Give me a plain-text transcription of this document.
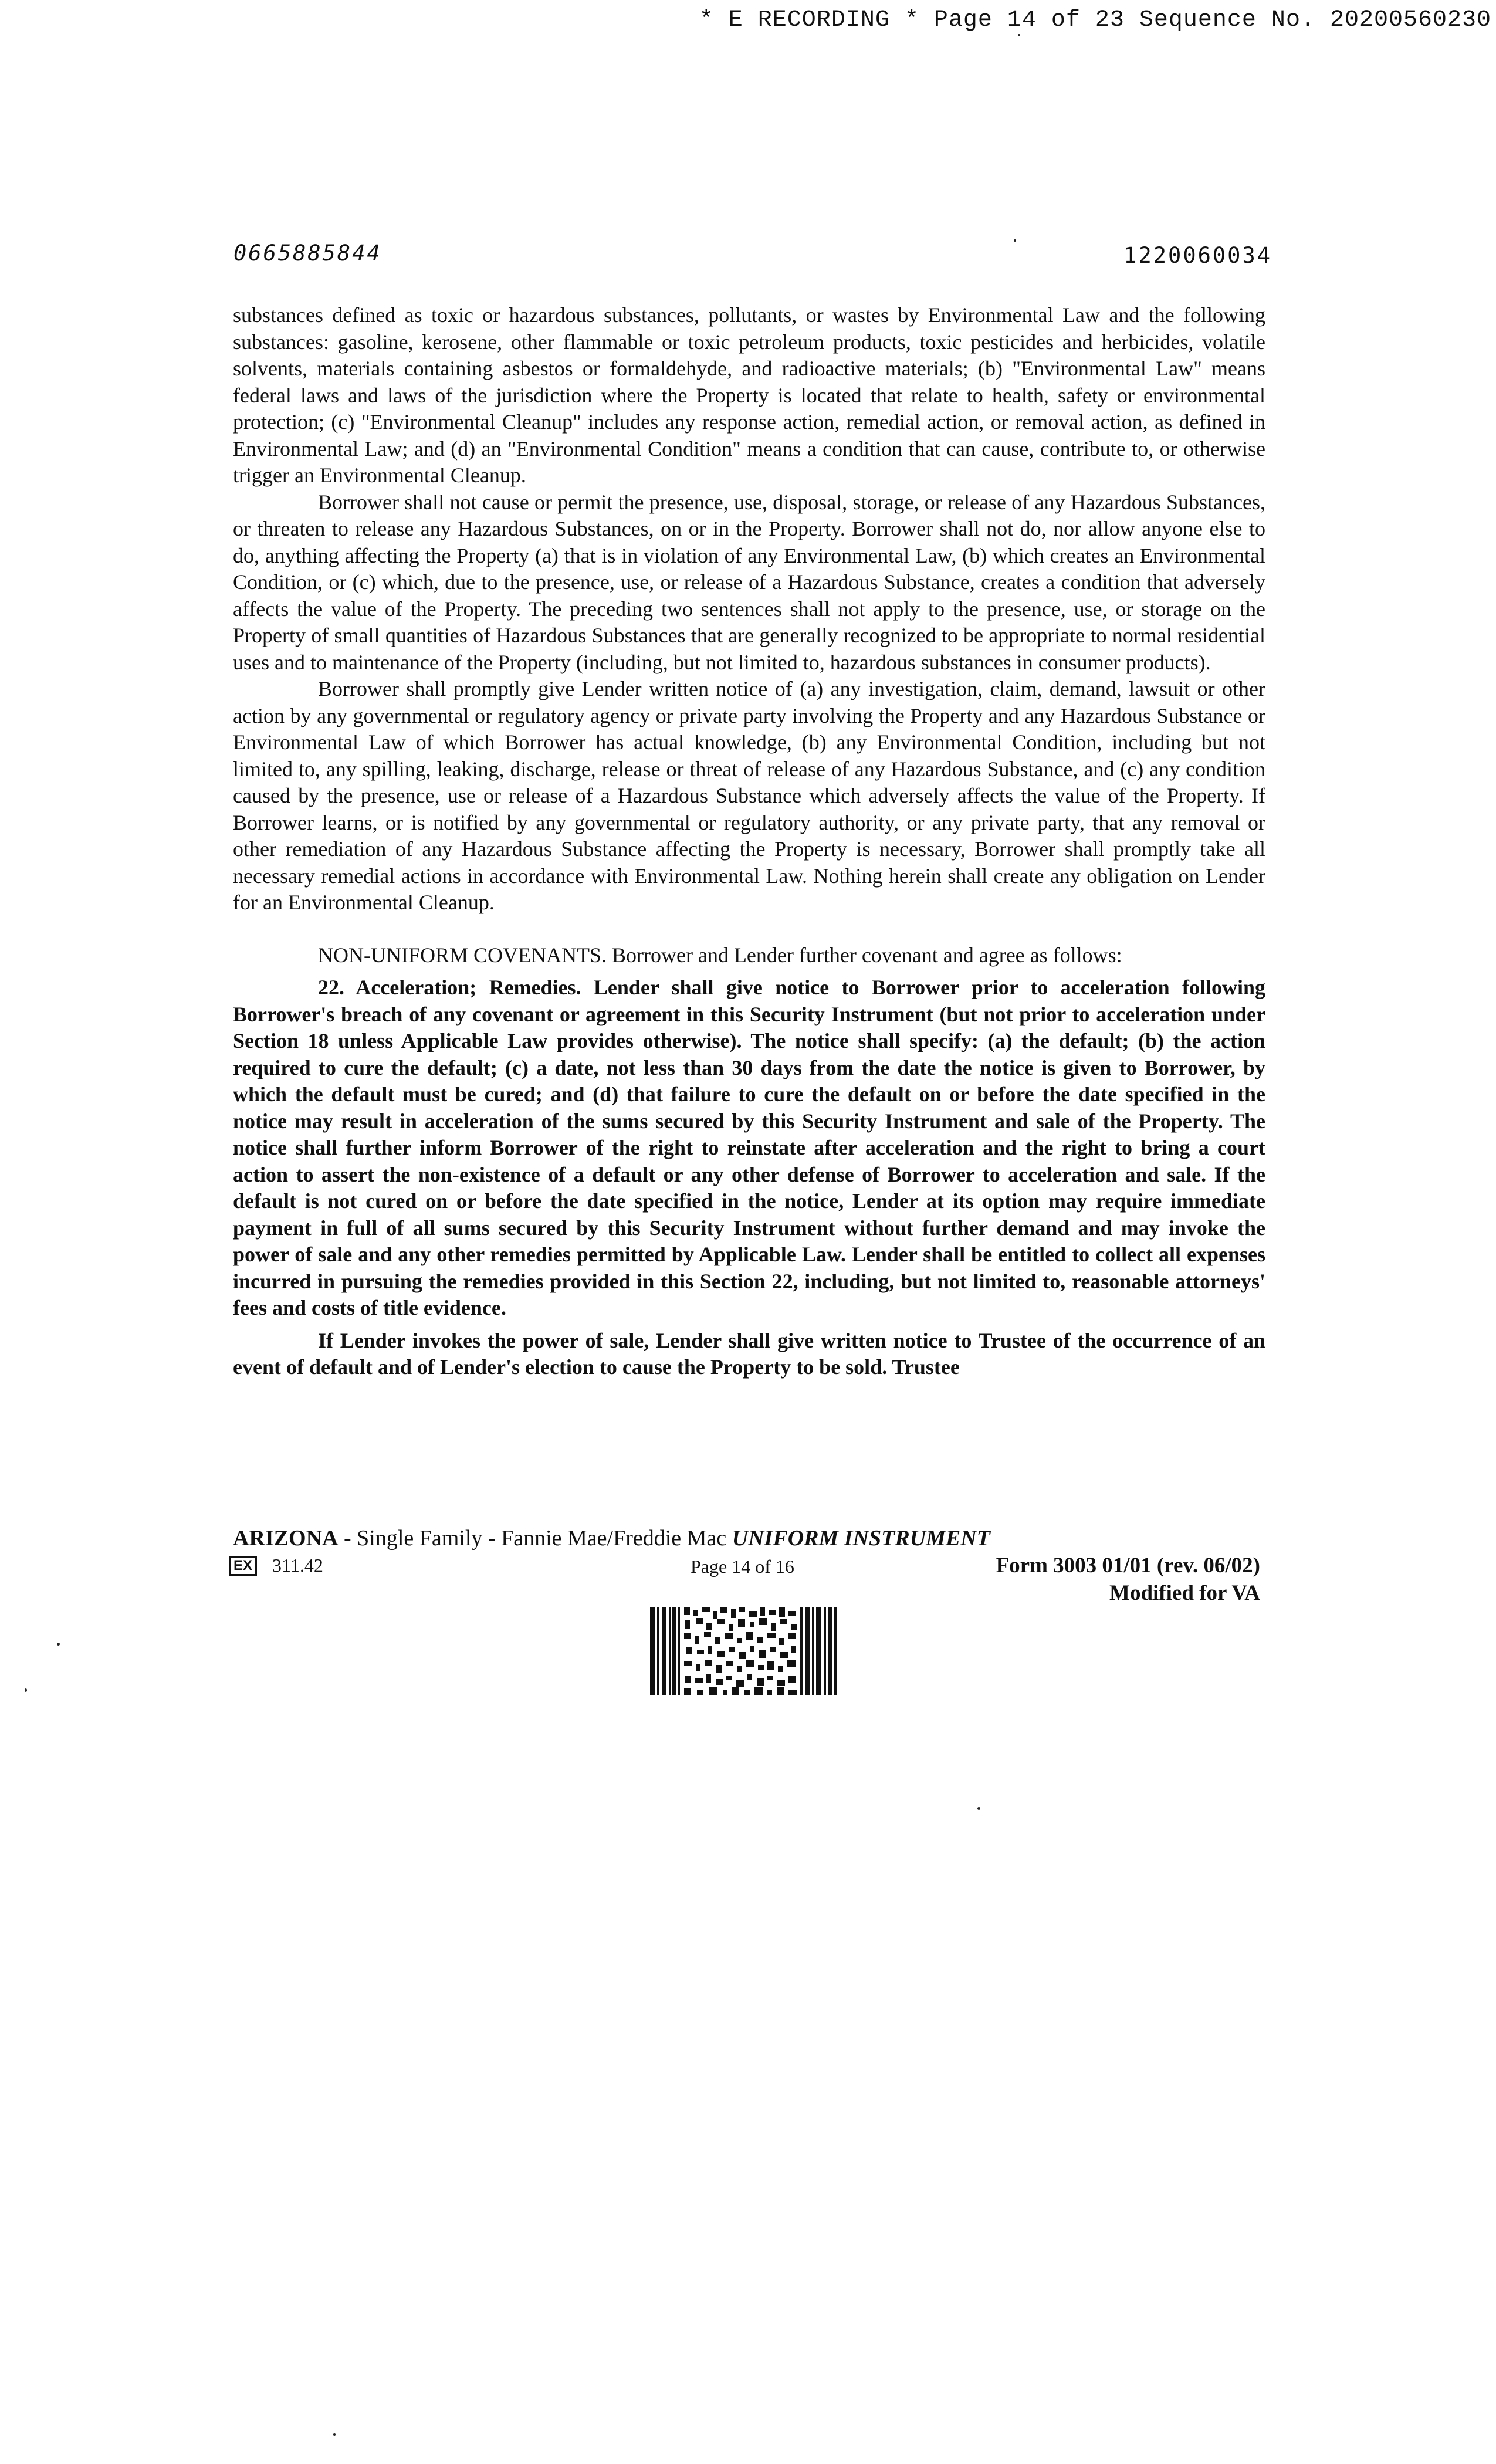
* E RECORDING * Page 14 of 23 Sequence No. 20200560230
0665885844	1220060034

substances defined as toxic or hazardous substances, pollutants, or wastes by Environmental Law and the following substances: gasoline, kerosene, other flammable or toxic petroleum products, toxic pesticides and herbicides, volatile solvents, materials containing asbestos or formaldehyde, and radioactive materials; (b) "Environmental Law" means federal laws and laws of the jurisdiction where the Property is located that relate to health, safety or environmental protection; (c) "Environmental Cleanup" includes any response action, remedial action, or removal action, as defined in Environmental Law; and (d) an "Environmental Condition" means a condition that can cause, contribute to, or otherwise trigger an Environmental Cleanup.

Borrower shall not cause or permit the presence, use, disposal, storage, or release of any Hazardous Substances, or threaten to release any Hazardous Substances, on or in the Property. Borrower shall not do, nor allow anyone else to do, anything affecting the Property (a) that is in violation of any Environmental Law, (b) which creates an Environmental Condition, or (c) which, due to the presence, use, or release of a Hazardous Substance, creates a condition that adversely affects the value of the Property. The preceding two sentences shall not apply to the presence, use, or storage on the Property of small quantities of Hazardous Substances that are generally recognized to be appropriate to normal residential uses and to maintenance of the Property (including, but not limited to, hazardous substances in consumer products).

Borrower shall promptly give Lender written notice of (a) any investigation, claim, demand, lawsuit or other action by any governmental or regulatory agency or private party involving the Property and any Hazardous Substance or Environmental Law of which Borrower has actual knowledge, (b) any Environmental Condition, including but not limited to, any spilling, leaking, discharge, release or threat of release of any Hazardous Substance, and (c) any condition caused by the presence, use or release of a Hazardous Substance which adversely affects the value of the Property. If Borrower learns, or is notified by any governmental or regulatory authority, or any private party, that any removal or other remediation of any Hazardous Substance affecting the Property is necessary, Borrower shall promptly take all necessary remedial actions in accordance with Environmental Law. Nothing herein shall create any obligation on Lender for an Environmental Cleanup.

NON-UNIFORM COVENANTS. Borrower and Lender further covenant and agree as follows:

22. Acceleration; Remedies. Lender shall give notice to Borrower prior to acceleration following Borrower's breach of any covenant or agreement in this Security Instrument (but not prior to acceleration under Section 18 unless Applicable Law provides otherwise). The notice shall specify: (a) the default; (b) the action required to cure the default; (c) a date, not less than 30 days from the date the notice is given to Borrower, by which the default must be cured; and (d) that failure to cure the default on or before the date specified in the notice may result in acceleration of the sums secured by this Security Instrument and sale of the Property. The notice shall further inform Borrower of the right to reinstate after acceleration and the right to bring a court action to assert the non-existence of a default or any other defense of Borrower to acceleration and sale. If the default is not cured on or before the date specified in the notice, Lender at its option may require immediate payment in full of all sums secured by this Security Instrument without further demand and may invoke the power of sale and any other remedies permitted by Applicable Law. Lender shall be entitled to collect all expenses incurred in pursuing the remedies provided in this Section 22, including, but not limited to, reasonable attorneys' fees and costs of title evidence.

If Lender invokes the power of sale, Lender shall give written notice to Trustee of the occurrence of an event of default and of Lender's election to cause the Property to be sold. Trustee

ARIZONA - Single Family - Fannie Mae/Freddie Mac UNIFORM INSTRUMENT
EX 311.42	Page 14 of 16	Form 3003 01/01 (rev. 06/02)
Modified for VA
